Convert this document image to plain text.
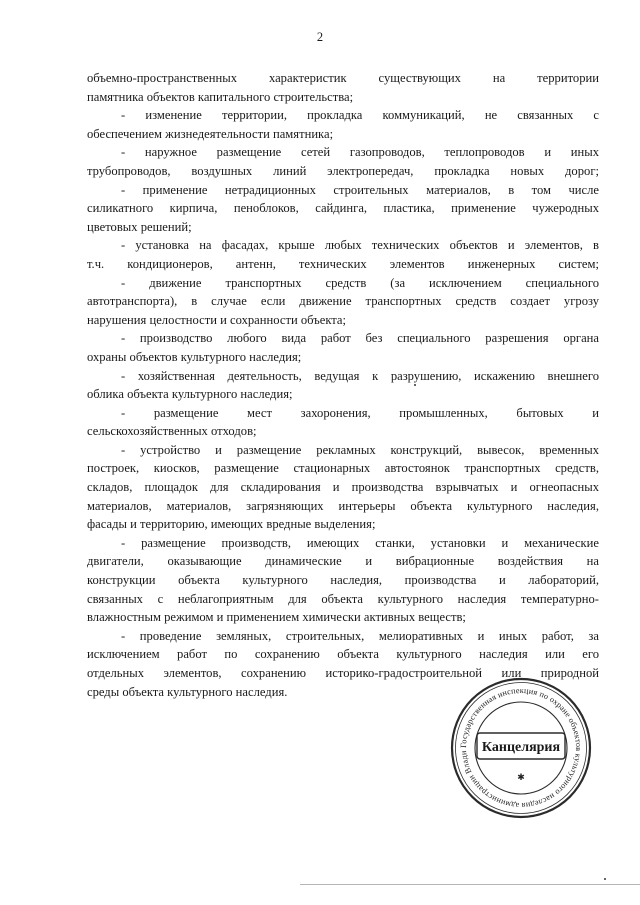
2
объемно-пространственных характеристик существующих на территории
памятника объектов капитального строительства;
- изменение территории, прокладка коммуникаций, не связанных с
обеспечением жизнедеятельности памятника;
- наружное размещение сетей газопроводов, теплопроводов и иных
трубопроводов, воздушных линий электропередач, прокладка новых дорог;
- применение нетрадиционных строительных материалов, в том числе
силикатного кирпича, пеноблоков, сайдинга, пластика, применение чужеродных
цветовых решений;
- установка на фасадах, крыше любых технических объектов и элементов, в
т.ч. кондиционеров, антенн, технических элементов инженерных систем;
- движение транспортных средств (за исключением специального
автотранспорта), в случае если движение транспортных средств создает угрозу
нарушения целостности и сохранности объекта;
- производство любого вида работ без специального разрешения органа
охраны объектов культурного наследия;
- хозяйственная деятельность, ведущая к разрушению, искажению внешнего
облика объекта культурного наследия;
- размещение мест захоронения, промышленных, бытовых и
сельскохозяйственных отходов;
- устройство и размещение рекламных конструкций, вывесок, временных
построек, киосков, размещение стационарных автостоянок транспортных средств,
складов, площадок для складирования и производства взрывчатых и огнеопасных
материалов, материалов, загрязняющих интерьеры объекта культурного наследия,
фасады и территорию, имеющих вредные выделения;
- размещение производств, имеющих станки, установки и механические
двигатели, оказывающие динамические и вибрационные воздействия на
конструкции объекта культурного наследия, производства и лабораторий,
связанных с неблагоприятным для объекта культурного наследия температурно-
влажностным режимом и применением химически активных веществ;
- проведение земляных, строительных, мелиоративных и иных работ, за
исключением работ по сохранению объекта культурного наследия или его
отдельных элементов, сохранению историко-градостроительной или природной
среды объекта культурного наследия.
Государственная инспекция по охране объектов культурного наследия администрации Влади Канцелярия
✱
